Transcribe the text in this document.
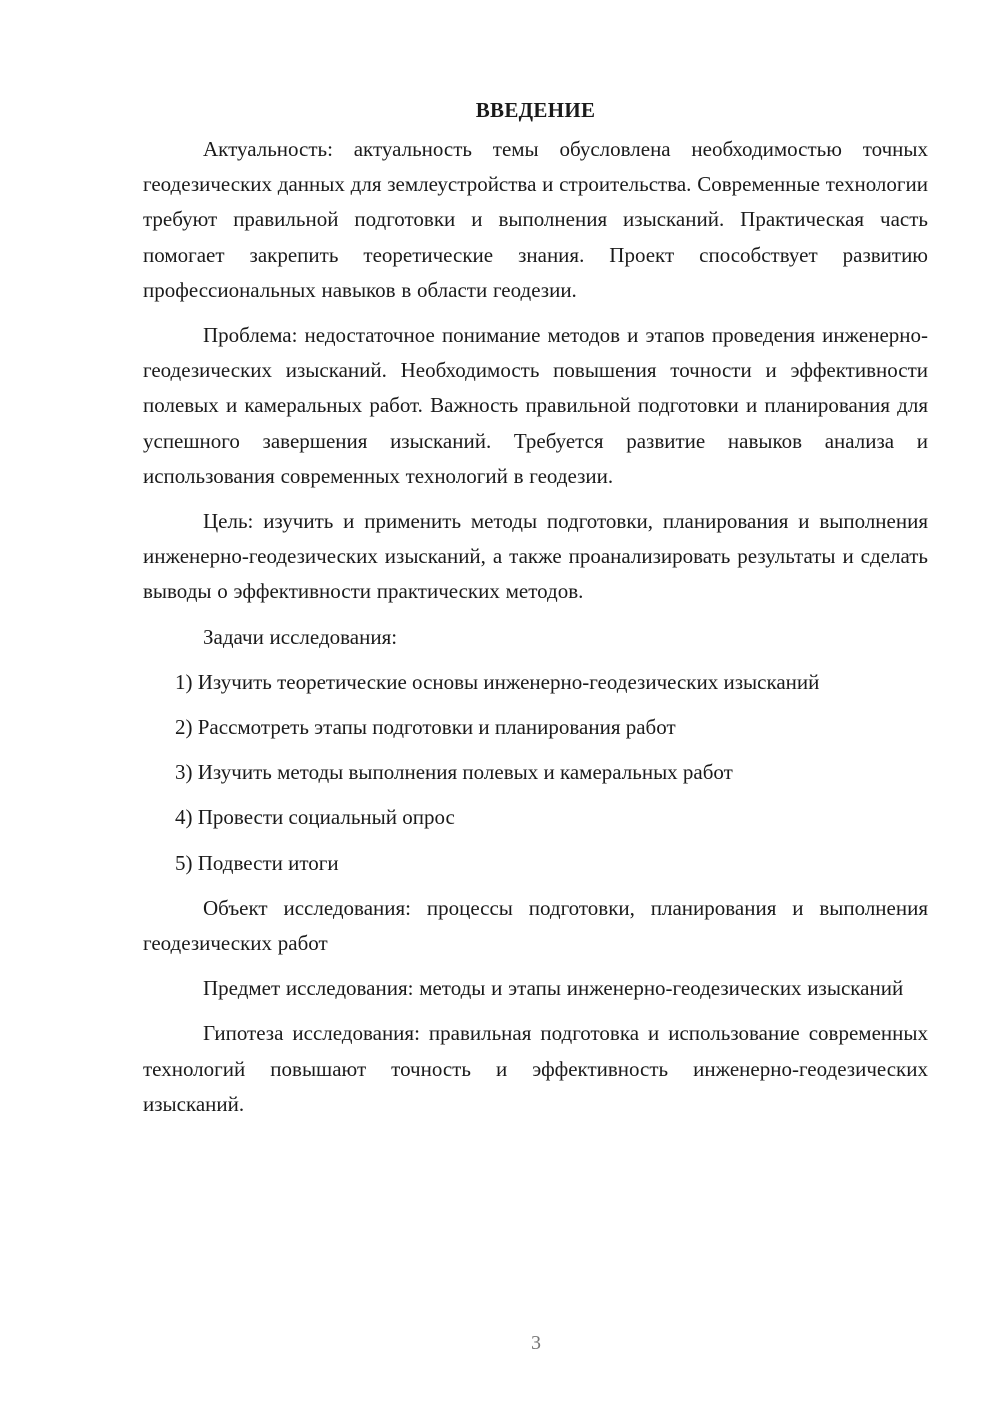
ВВЕДЕНИЕ

Актуальность: актуальность темы обусловлена необходимостью точных геодезических данных для землеустройства и строительства. Современные технологии требуют правильной подготовки и выполнения изысканий. Практическая часть помогает закрепить теоретические знания. Проект способствует развитию профессиональных навыков в области геодезии.

Проблема: недостаточное понимание методов и этапов проведения инженерно-геодезических изысканий. Необходимость повышения точности и эффективности полевых и камеральных работ. Важность правильной подготовки и планирования для успешного завершения изысканий. Требуется развитие навыков анализа и использования современных технологий в геодезии.

Цель: изучить и применить методы подготовки, планирования и выполнения инженерно-геодезических изысканий, а также проанализировать результаты и сделать выводы о эффективности практических методов.

Задачи исследования:

1) Изучить теоретические основы инженерно-геодезических изысканий

2) Рассмотреть этапы подготовки и планирования работ

3) Изучить методы выполнения полевых и камеральных работ

4) Провести социальный опрос

5) Подвести итоги

Объект исследования: процессы подготовки, планирования и выполнения геодезических работ

Предмет исследования: методы и этапы инженерно-геодезических изысканий

Гипотеза исследования: правильная подготовка и использование современных технологий повышают точность и эффективность инженерно-геодезических изысканий.

3
